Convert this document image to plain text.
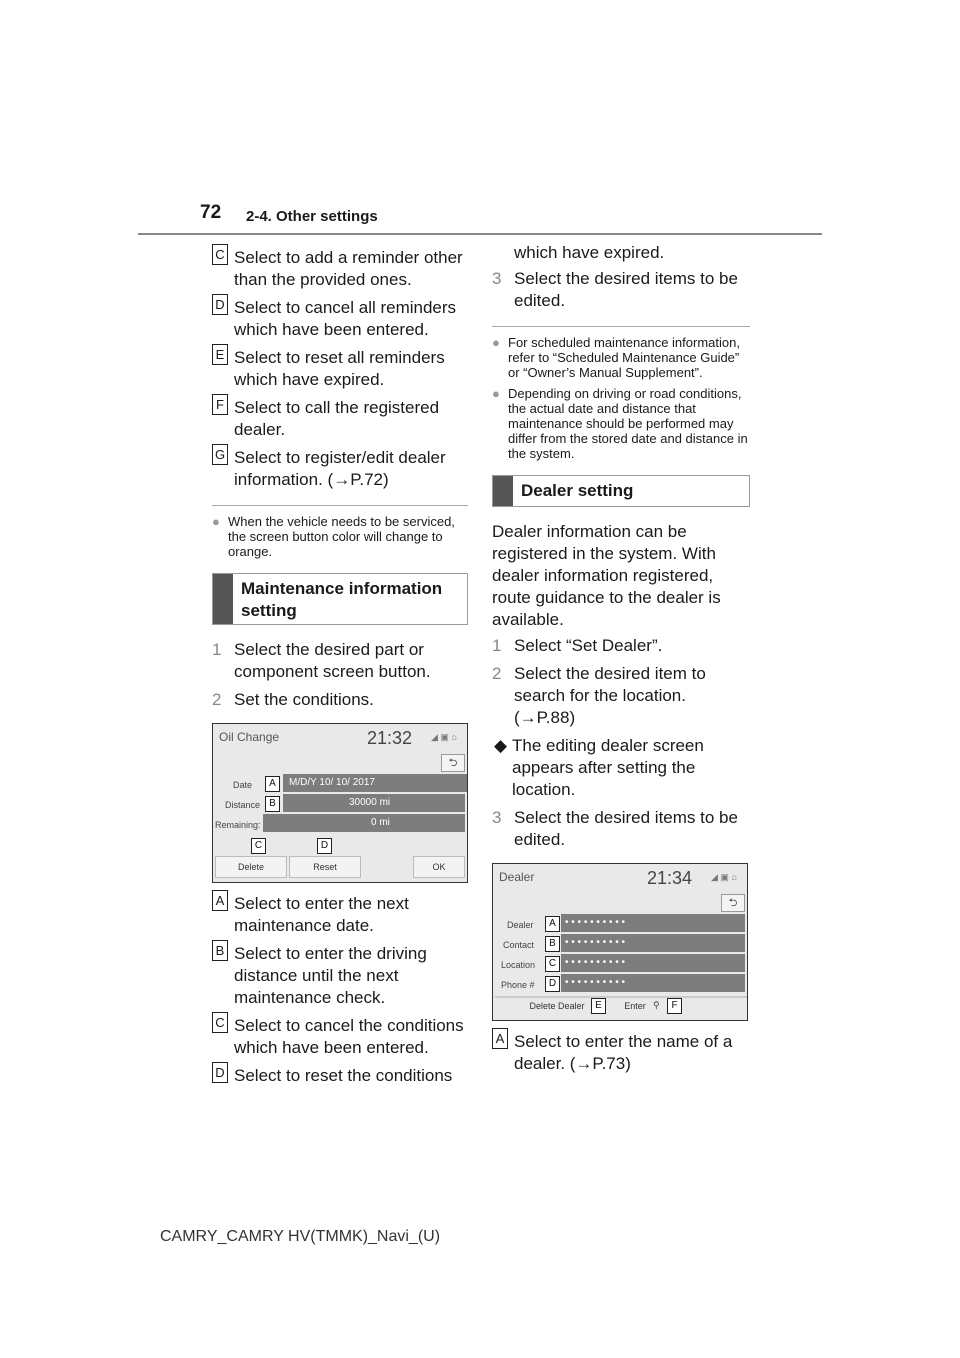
72 2-4. Other settings
C Select to add a reminder other than the provided ones.
D Select to cancel all reminders which have been entered.
E Select to reset all reminders which have expired.
F Select to call the registered dealer.
G Select to register/edit dealer information. (→P.72)
● When the vehicle needs to be serviced, the screen button color will change to orange.
Maintenance information setting
1 Select the desired part or component screen button.
2 Set the conditions.
Oil Change	21:32 ◢ ▣ ⌂
⮌
Date	A	M/D/Y 10/ 10/ 2017
Distance B	30000 mi
Remaining:	0 mi
C	D
Delete	Reset	OK
A Select to enter the next maintenance date.
B Select to enter the driving distance until the next maintenance check.
C Select to cancel the conditions which have been entered.
D Select to reset the conditions
which have expired.
3 Select the desired items to be edited.
● For scheduled maintenance information, refer to “Scheduled Maintenance Guide” or “Owner’s Manual Supplement”.
● Depending on driving or road conditions, the actual date and distance that maintenance should be performed may differ from the stored date and distance in the system.
Dealer setting
Dealer information can be registered in the system. With dealer information registered, route guidance to the dealer is available.
1 Select “Set Dealer”.
2 Select the desired item to search for the location. (→P.88)
◆ The editing dealer screen appears after setting the location.
3 Select the desired items to be edited.
Dealer	21:34 ◢ ▣ ⌂
⮌
Dealer	A • • • • • • • • • •
Contact	B • • • • • • • • • •
Location	C • • • • • • • • • •
Phone #	D • • • • • • • • • •
Delete Dealer	E	Enter ⚲	F
A Select to enter the name of a dealer. (→P.73)
CAMRY_CAMRY HV(TMMK)_Navi_(U)
